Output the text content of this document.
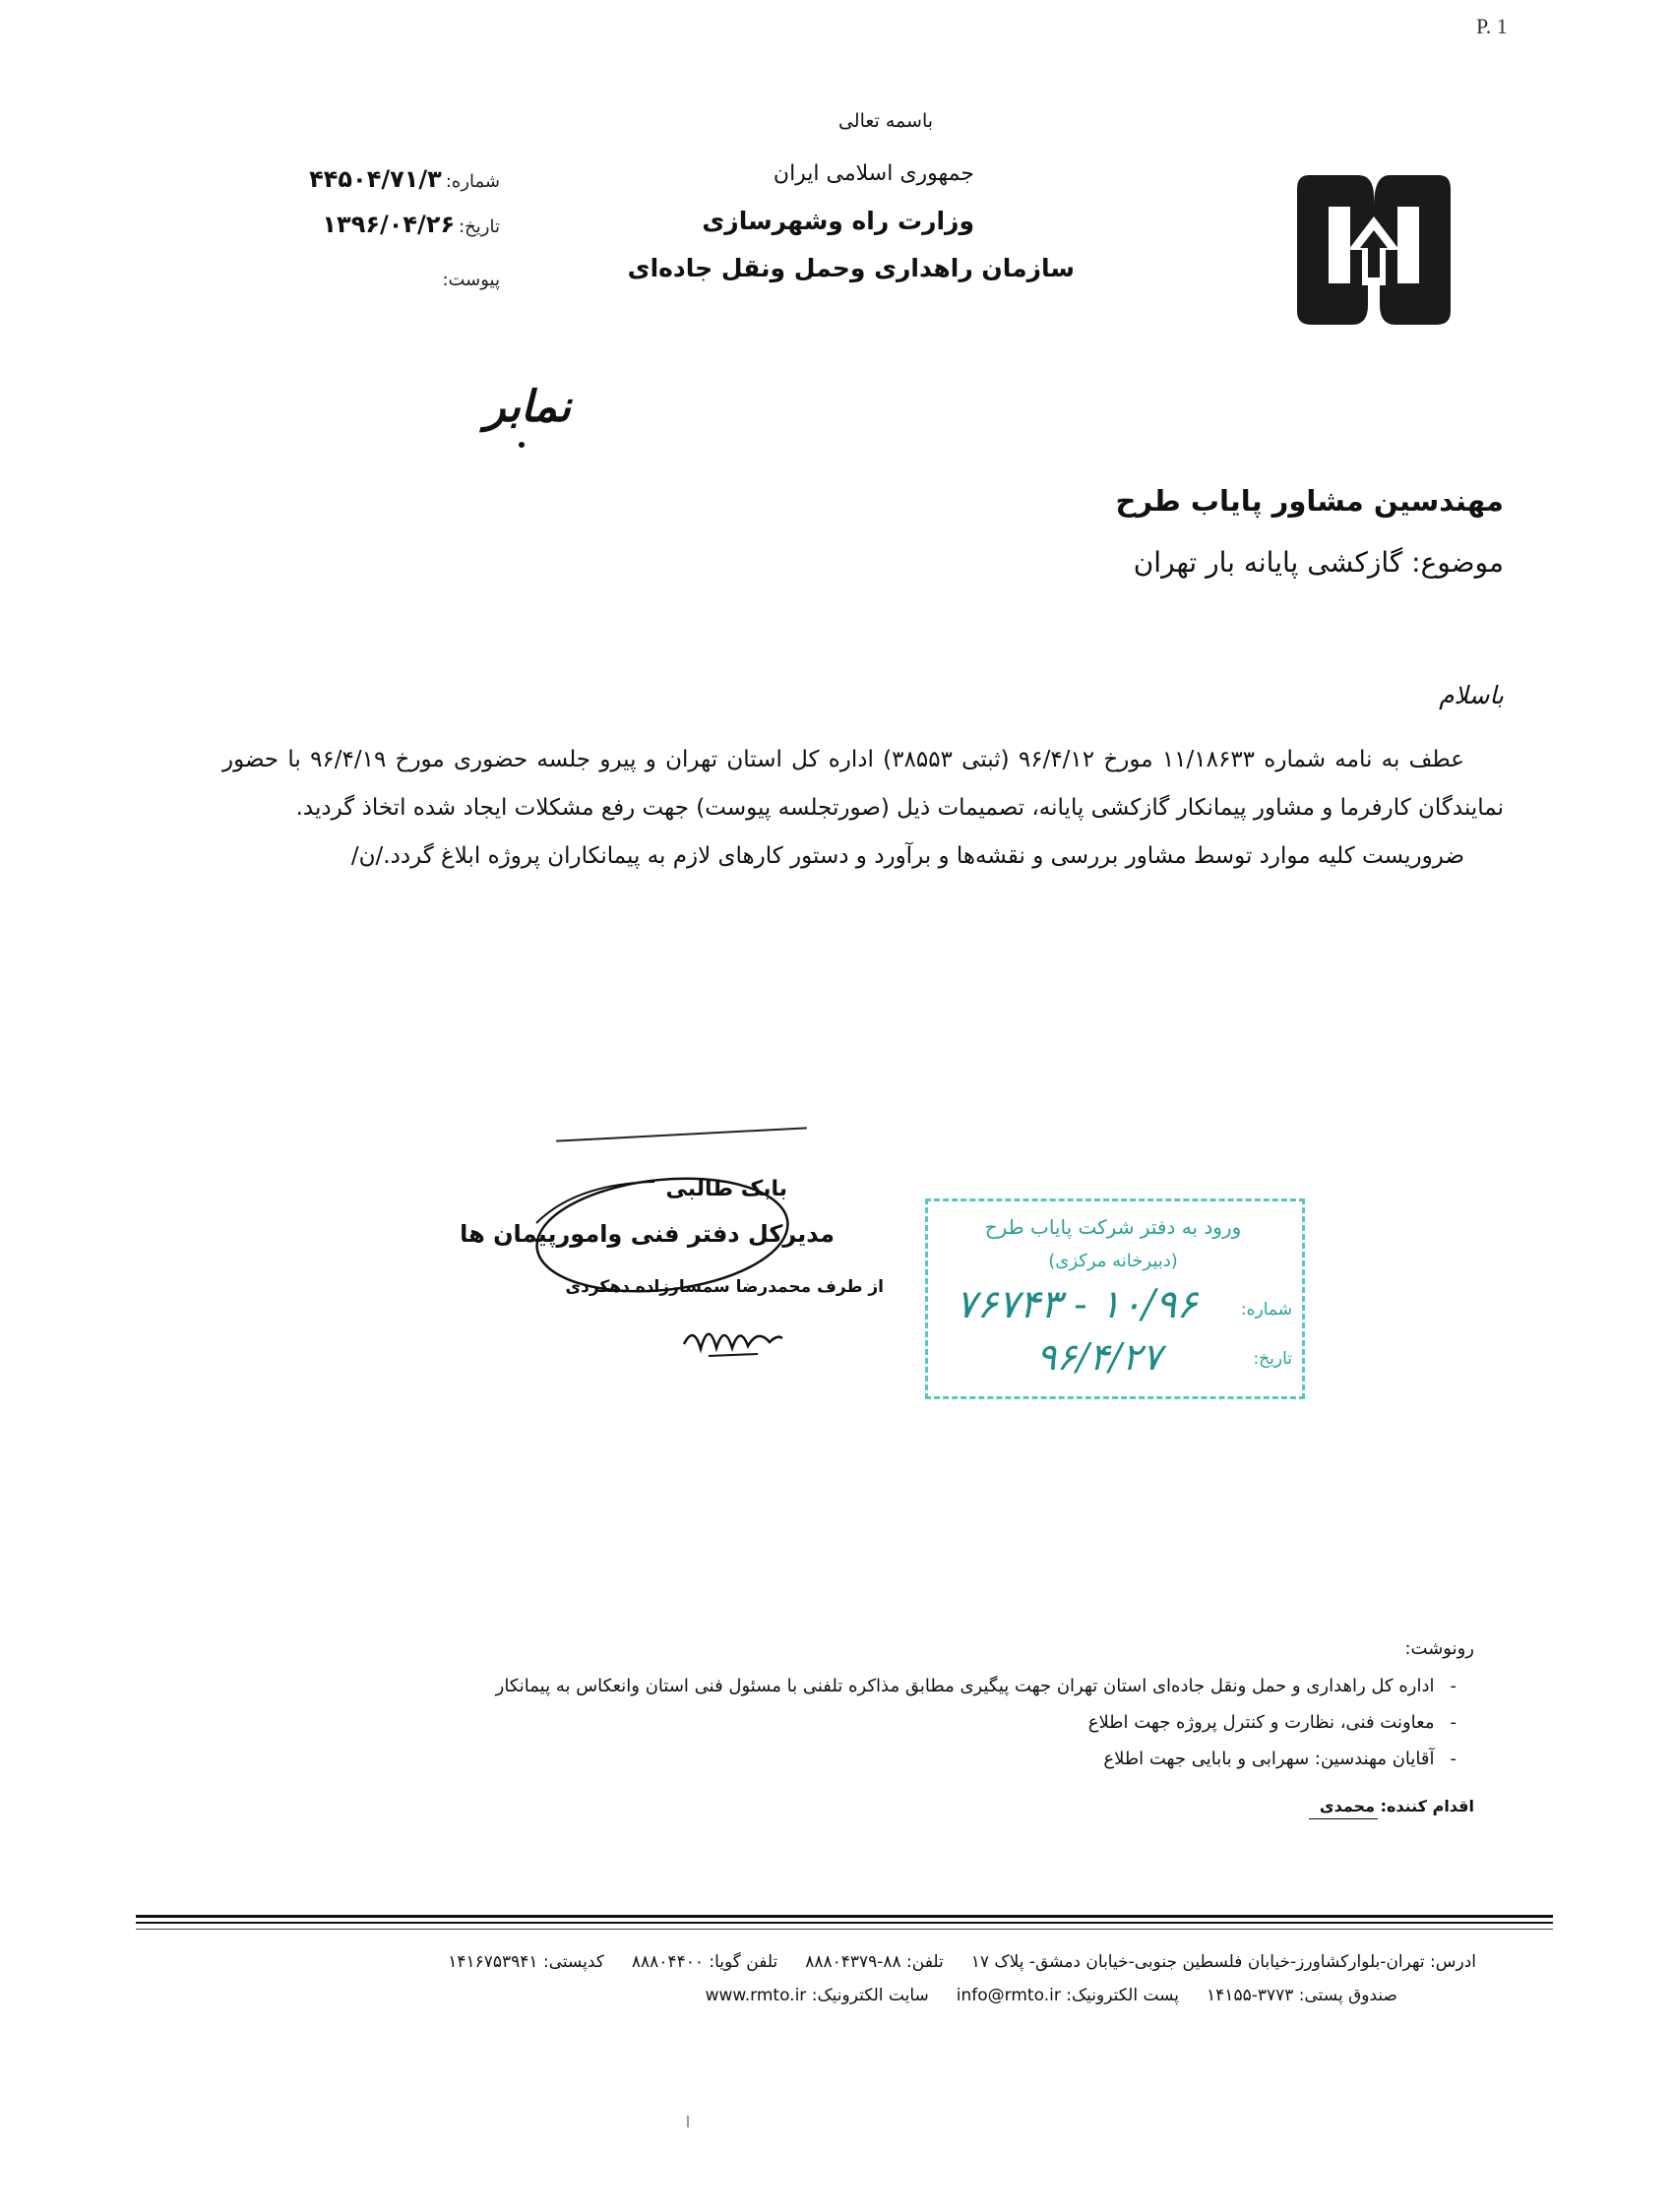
P. 1
باسمه تعالی
جمهوری اسلامی ایران
وزارت راه وشهرسازی
سازمان راهداری وحمل ونقل جاده‌ای
شماره:۴۴۵۰۴/۷۱/۳
تاریخ:۱۳۹۶/۰۴/۲۶
پیوست:
نمابر
مهندسین مشاور پایاب طرح
موضوع: گازکشی پایانه بار تهران
باسلام

عطف به نامه شماره ۱۱/۱۸۶۳۳ مورخ ۹۶/۴/۱۲ (ثبتی ۳۸۵۵۳) اداره کل استان تهران و پیرو جلسه حضوری مورخ ۹۶/۴/۱۹ با حضور نمایندگان کارفرما و مشاور پیمانکار گازکشی پایانه، تصمیمات ذیل (صورتجلسه پیوست) جهت رفع مشکلات ایجاد شده اتخاذ گردید.

ضروریست کلیه موارد توسط مشاور بررسی و نقشه‌ها و برآورد و دستور کارهای لازم به پیمانکاران پروژه ابلاغ گردد./ن/

بابک طالبی
مدیرکل دفتر فنی وامورپیمان ها
از طرف محمدرضا سمسارزاده دهکردی
ورود به دفتر شرکت پایاب طرح
(دبیرخانه مرکزی)
شماره:
۱۰/۹۶ - ۷۶۷۴۳
تاریخ:
۹۶/۴/۲۷
رونوشت:
-اداره کل راهداری و حمل ونقل جاده‌ای استان تهران جهت پیگیری مطابق مذاکره تلفنی با مسئول فنی استان وانعکاس به پیمانکار
-معاونت فنی، نظارت و کنترل پروژه جهت اطلاع
-آقایان مهندسین: سهرابی و بابایی جهت اطلاع
اقدام کننده: محمدی
ادرس: تهران-بلوارکشاورز-خیابان فلسطین جنوبی-خیابان دمشق- پلاک ۱۷تلفن: ۸۸-۸۸۸۰۴۳۷۹تلفن گویا: ۸۸۸۰۴۴۰۰کدپستی: ۱۴۱۶۷۵۳۹۴۱
صندوق پستی: ۳۷۷۳-۱۴۱۵۵پست الکترونیک: info@rmto.irسایت الکترونیک: www.rmto.ir
